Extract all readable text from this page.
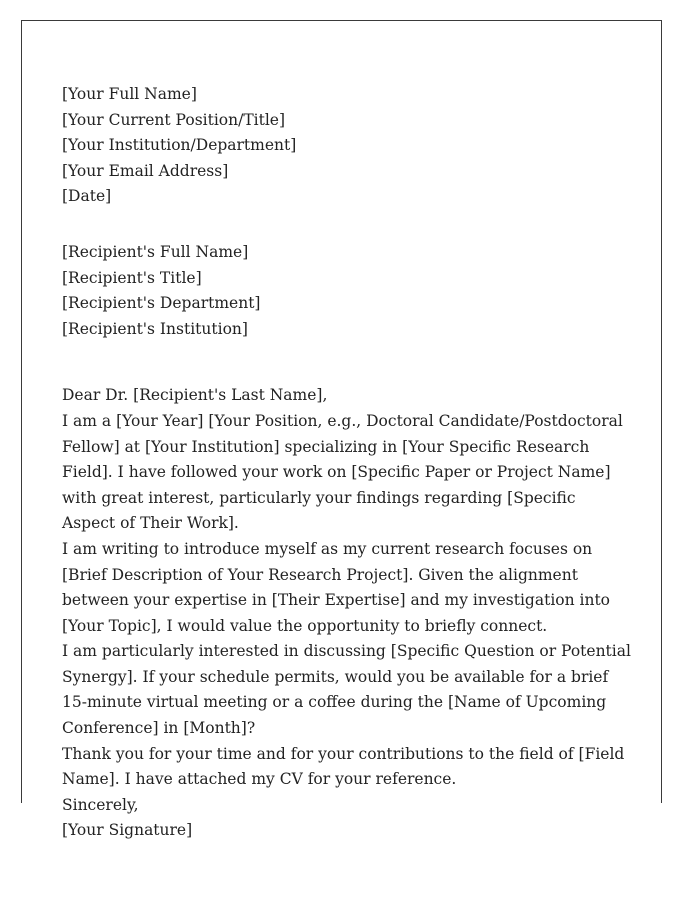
[Your Full Name]
[Your Current Position/Title]
[Your Institution/Department]
[Your Email Address]
[Date]
[Recipient's Full Name]
[Recipient's Title]
[Recipient's Department]
[Recipient's Institution]
Dear Dr. [Recipient's Last Name],

I am a [Your Year] [Your Position, e.g., Doctoral Candidate/Postdoctoral Fellow] at [Your Institution] specializing in [Your Specific Research Field]. I have followed your work on [Specific Paper or Project Name] with great interest, particularly your findings regarding [Specific Aspect of Their Work].

I am writing to introduce myself as my current research focuses on [Brief Description of Your Research Project]. Given the alignment between your expertise in [Their Expertise] and my investigation into [Your Topic], I would value the opportunity to briefly connect.

I am particularly interested in discussing [Specific Question or Potential Synergy]. If your schedule permits, would you be available for a brief 15-minute virtual meeting or a coffee during the [Name of Upcoming Conference] in [Month]?

Thank you for your time and for your contributions to the field of [Field Name]. I have attached my CV for your reference.

Sincerely,
[Your Signature]
